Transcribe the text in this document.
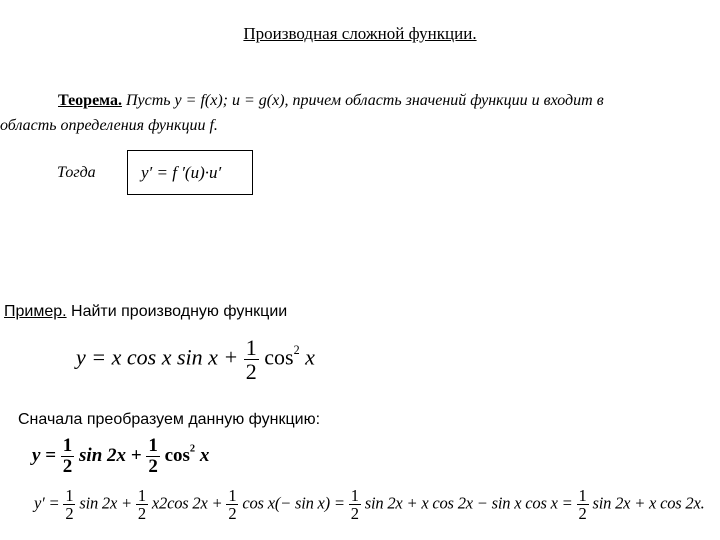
Производная сложной функции.
Теорема. Пусть y = f(x); u = g(x), причем область значений функции u входит в
область определения функции f.
Тогда	y′ = f ′(u)·u′
Пример. Найти производную функции
y = x cos x $\sin x + \frac{1}{2} \cos^2 x$
Сначала преобразуем данную функцию:
$y = \frac{1}{2}$ $\sin 2x + \frac{1}{2} \cos^2 x$
$y' = \frac{1}{2}$ $\sin 2x + \frac{1}{2} x2\cos$ $2x + \frac{1}{2}$ $\cos x(- \sin x) = \frac{1}{2}$ sin 2x + x cos 2x − sin x $\cos x = \frac{1}{2}$ sin 2x + x cos 2x.
